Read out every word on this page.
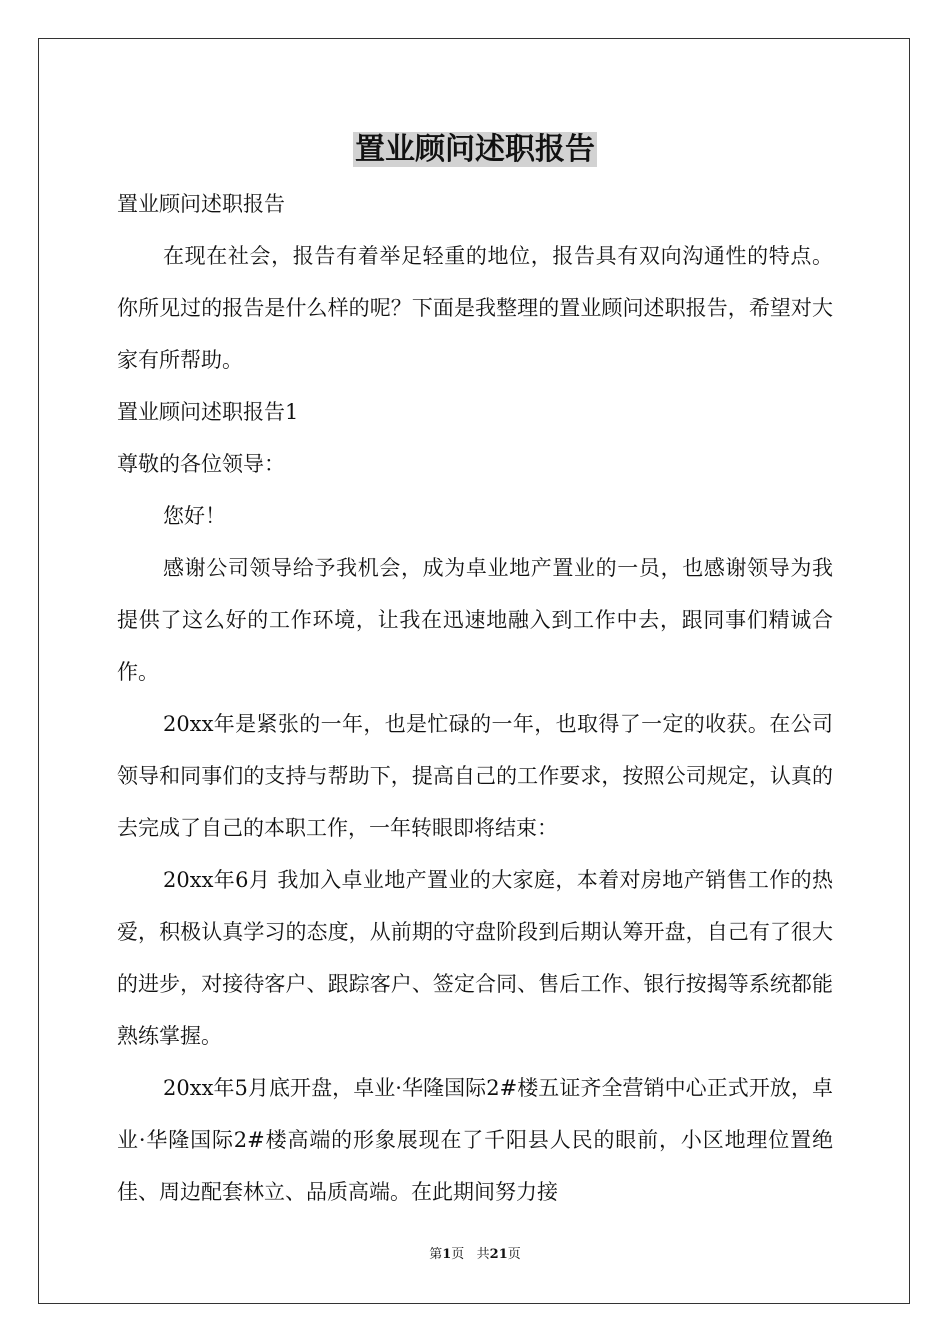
置业顾问述职报告

置业顾问述职报告

在现在社会，报告有着举足轻重的地位，报告具有双向沟通性的特点。你所见过的报告是什么样的呢？下面是我整理的置业顾问述职报告，希望对大家有所帮助。

置业顾问述职报告1

尊敬的各位领导：

您好！

感谢公司领导给予我机会，成为卓业地产置业的一员，也感谢领导为我提供了这么好的工作环境，让我在迅速地融入到工作中去，跟同事们精诚合作。

20xx年是紧张的一年，也是忙碌的一年，也取得了一定的收获。在公司领导和同事们的支持与帮助下，提高自己的工作要求，按照公司规定，认真的去完成了自己的本职工作，一年转眼即将结束：

20xx年6月 我加入卓业地产置业的大家庭，本着对房地产销售工作的热爱，积极认真学习的态度，从前期的守盘阶段到后期认筹开盘，自己有了很大的进步，对接待客户、跟踪客户、签定合同、售后工作、银行按揭等系统都能熟练掌握。

20xx年5月底开盘，卓业·华隆国际2#楼五证齐全营销中心正式开放，卓业·华隆国际2#楼高端的形象展现在了千阳县人民的眼前，小区地理位置绝佳、周边配套林立、品质高端。在此期间努力接

第1页   共21页
